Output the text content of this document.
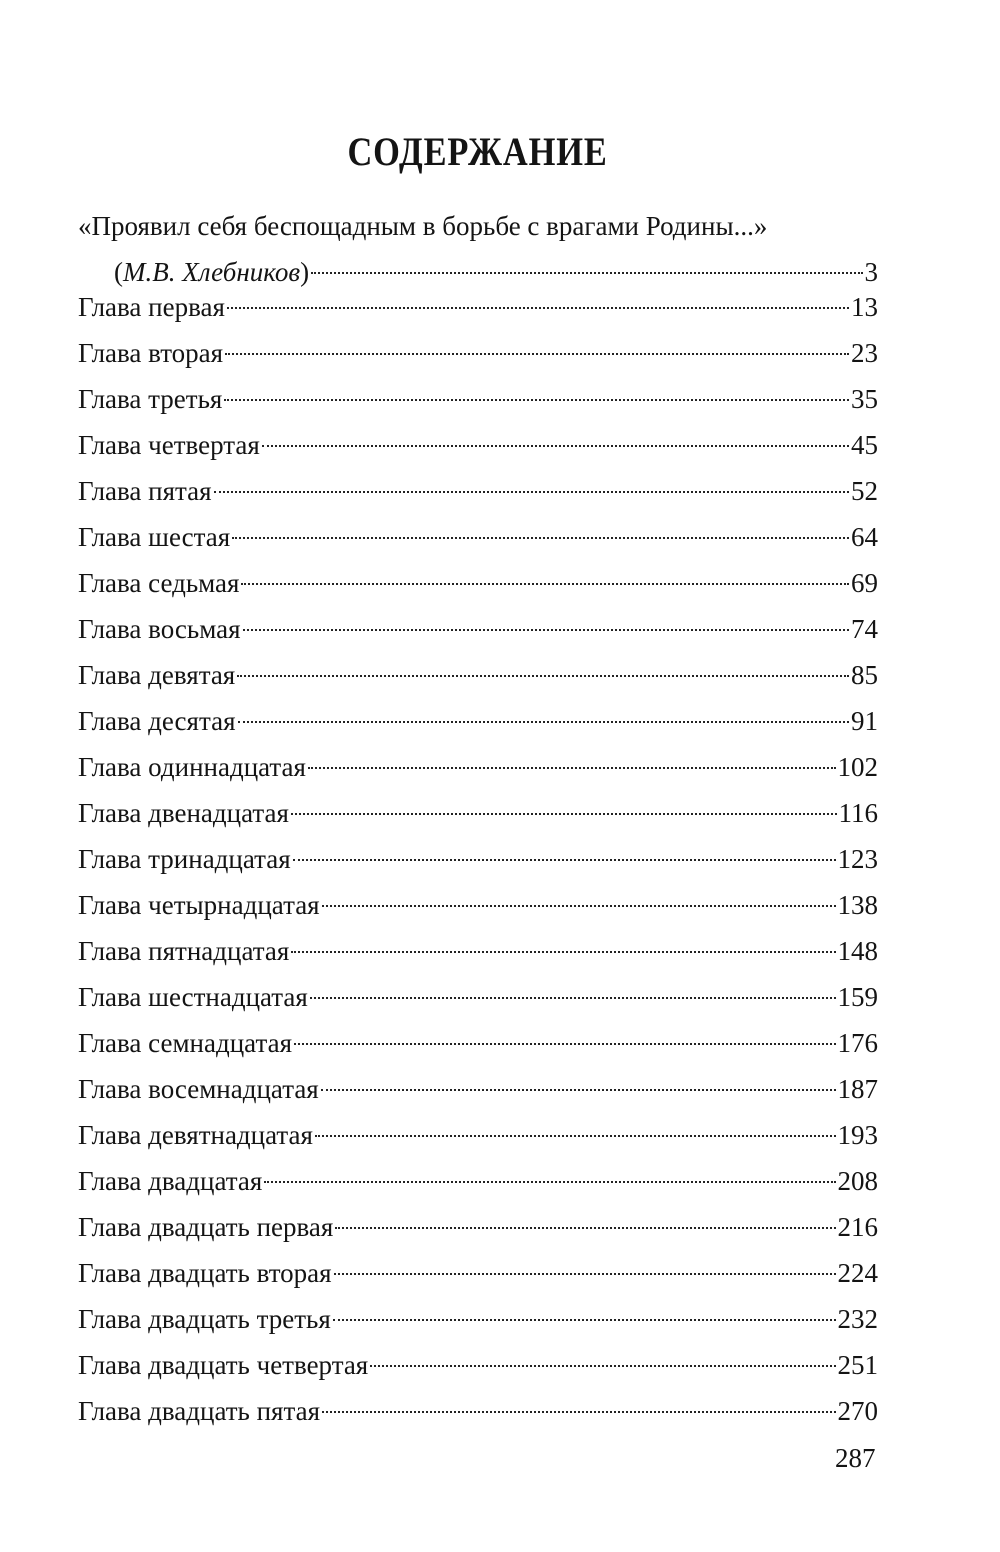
СОДЕРЖАНИЕ
«Проявил себя беспощадным в борьбе с врагами Родины...»
(М.В. Хлебников)	3
Глава первая	13
Глава вторая	23
Глава третья	35
Глава четвертая	45
Глава пятая	52
Глава шестая	64
Глава седьмая	69
Глава восьмая	74
Глава девятая	85
Глава десятая	91
Глава одиннадцатая	102
Глава двенадцатая	116
Глава тринадцатая	123
Глава четырнадцатая	138
Глава пятнадцатая	148
Глава шестнадцатая	159
Глава семнадцатая	176
Глава восемнадцатая	187
Глава девятнадцатая	193
Глава двадцатая	208
Глава двадцать первая	216
Глава двадцать вторая	224
Глава двадцать третья	232
Глава двадцать четвертая	251
Глава двадцать пятая	270
287
